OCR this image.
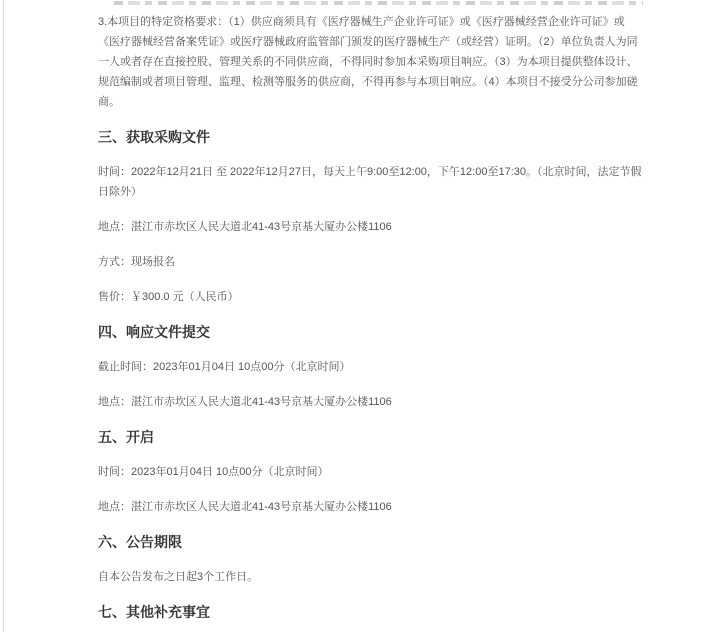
3.本项目的特定资格要求：（1）供应商须具有《医疗器械生产企业许可证》或《医疗器械经营企业许可证》或《医疗器械经营备案凭证》或医疗器械政府监管部门颁发的医疗器械生产（或经营）证明。（2）单位负责人为同一人或者存在直接控股、管理关系的不同供应商，不得同时参加本采购项目响应。（3）为本项目提供整体设计、规范编制或者项目管理、监理、检测等服务的供应商，不得再参与本项目响应。（4）本项目不接受分公司参加磋商。

三、获取采购文件

时间：2022年12月21日 至 2022年12月27日，每天上午9:00至12:00，下午12:00至17:30。（北京时间，法定节假日除外）

地点：湛江市赤坎区人民大道北41-43号京基大厦办公楼1106

方式：现场报名

售价：￥300.0 元（人民币）

四、响应文件提交

截止时间：2023年01月04日 10点00分（北京时间）

地点：湛江市赤坎区人民大道北41-43号京基大厦办公楼1106

五、开启

时间：2023年01月04日 10点00分（北京时间）

地点：湛江市赤坎区人民大道北41-43号京基大厦办公楼1106

六、公告期限

自本公告发布之日起3个工作日。

七、其他补充事宜
